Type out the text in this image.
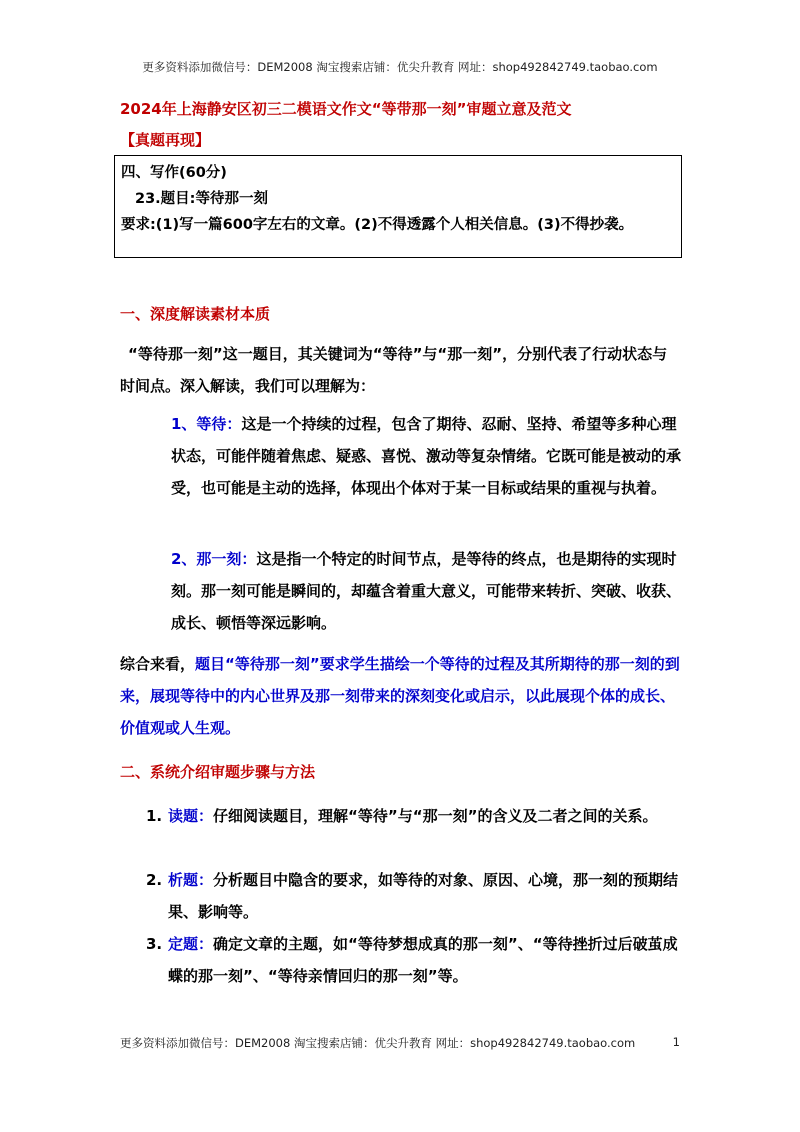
更多资料添加微信号：DEM2008 淘宝搜索店铺：优尖升教育 网址：shop492842749.taobao.com
2024年上海静安区初三二模语文作文“等带那一刻”审题立意及范文
【真题再现】
四、写作(60分)
23.题目:等待那一刻
要求:(1)写一篇600字左右的文章。(2)不得透露个人相关信息。(3)不得抄袭。
一、深度解读素材本质
“等待那一刻”这一题目，其关键词为“等待”与“那一刻”，分别代表了行动状态与时间点。深入解读，我们可以理解为：
1、等待：这是一个持续的过程，包含了期待、忍耐、坚持、希望等多种心理状态，可能伴随着焦虑、疑惑、喜悦、激动等复杂情绪。它既可能是被动的承受，也可能是主动的选择，体现出个体对于某一目标或结果的重视与执着。
2、那一刻：这是指一个特定的时间节点，是等待的终点，也是期待的实现时刻。那一刻可能是瞬间的，却蕴含着重大意义，可能带来转折、突破、收获、成长、顿悟等深远影响。
综合来看，题目“等待那一刻”要求学生描绘一个等待的过程及其所期待的那一刻的到来，展现等待中的内心世界及那一刻带来的深刻变化或启示，以此展现个体的成长、价值观或人生观。
二、系统介绍审题步骤与方法
1. 读题：仔细阅读题目，理解“等待”与“那一刻”的含义及二者之间的关系。
2. 析题：分析题目中隐含的要求，如等待的对象、原因、心境，那一刻的预期结果、影响等。
3. 定题：确定文章的主题，如“等待梦想成真的那一刻”、“等待挫折过后破茧成蝶的那一刻”、“等待亲情回归的那一刻”等。
更多资料添加微信号：DEM2008 淘宝搜索店铺：优尖升教育 网址：shop492842749.taobao.com	1
